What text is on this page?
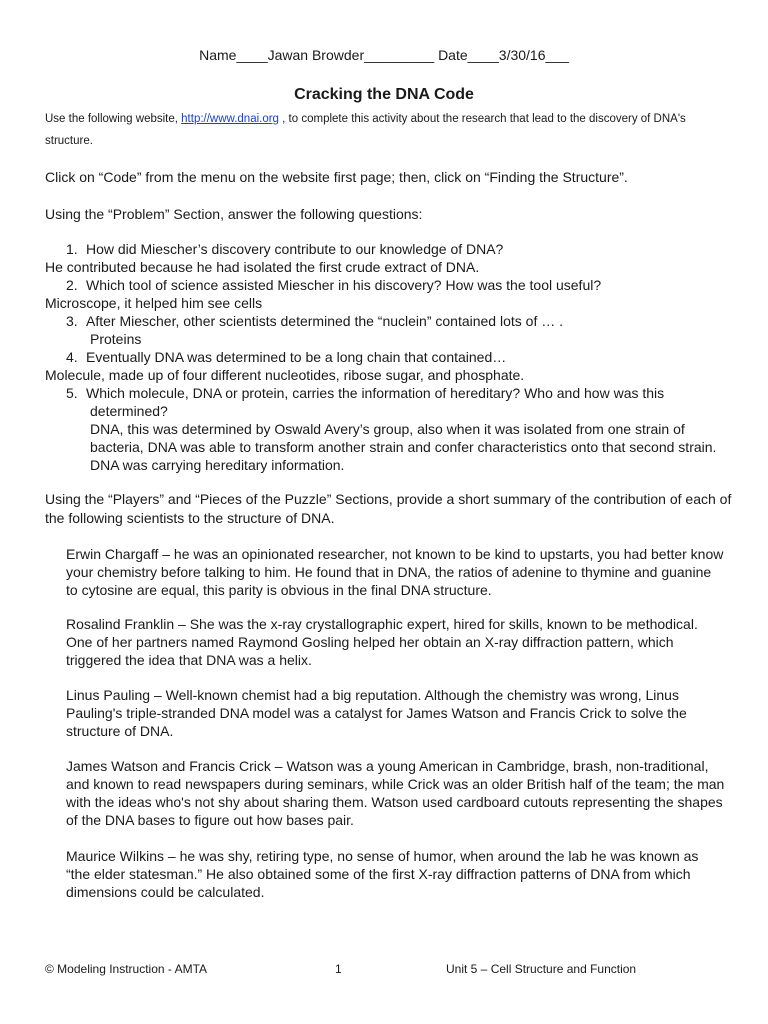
Name____Jawan Browder_________ Date____3/30/16___
Cracking the DNA Code
Use the following website, http://www.dnai.org , to complete this activity about the research that lead to the discovery of DNA's structure.
Click on “Code” from the menu on the website first page; then, click on “Finding the Structure”.
Using the “Problem” Section, answer the following questions:
1. How did Miescher’s discovery contribute to our knowledge of DNA?
He contributed because he had isolated the first crude extract of DNA.
2. Which tool of science assisted Miescher in his discovery? How was the tool useful?
Microscope, it helped him see cells
3. After Miescher, other scientists determined the “nuclein” contained lots of … .
Proteins
4. Eventually DNA was determined to be a long chain that contained…
Molecule, made up of four different nucleotides, ribose sugar, and phosphate.
5. Which molecule, DNA or protein, carries the information of hereditary? Who and how was this
determined?
DNA, this was determined by Oswald Avery’s group, also when it was isolated from one strain of bacteria, DNA was able to transform another strain and confer characteristics onto that second strain. DNA was carrying hereditary information.
Using the “Players” and “Pieces of the Puzzle” Sections, provide a short summary of the contribution of each of the following scientists to the structure of DNA.
Erwin Chargaff – he was an opinionated researcher, not known to be kind to upstarts, you had better know your chemistry before talking to him. He found that in DNA, the ratios of adenine to thymine and guanine to cytosine are equal, this parity is obvious in the final DNA structure.
Rosalind Franklin – She was the x-ray crystallographic expert, hired for skills, known to be methodical. One of her partners named Raymond Gosling helped her obtain an X-ray diffraction pattern, which triggered the idea that DNA was a helix.
Linus Pauling – Well-known chemist had a big reputation. Although the chemistry was wrong, Linus Pauling's triple-stranded DNA model was a catalyst for James Watson and Francis Crick to solve the structure of DNA.
James Watson and Francis Crick – Watson was a young American in Cambridge, brash, non-traditional, and known to read newspapers during seminars, while Crick was an older British half of the team; the man with the ideas who's not shy about sharing them. Watson used cardboard cutouts representing the shapes of the DNA bases to figure out how bases pair.
Maurice Wilkins – he was shy, retiring type, no sense of humor, when around the lab he was known as “the elder statesman.” He also obtained some of the first X-ray diffraction patterns of DNA from which dimensions could be calculated.
© Modeling Instruction - AMTA	1	Unit 5 – Cell Structure and Function
